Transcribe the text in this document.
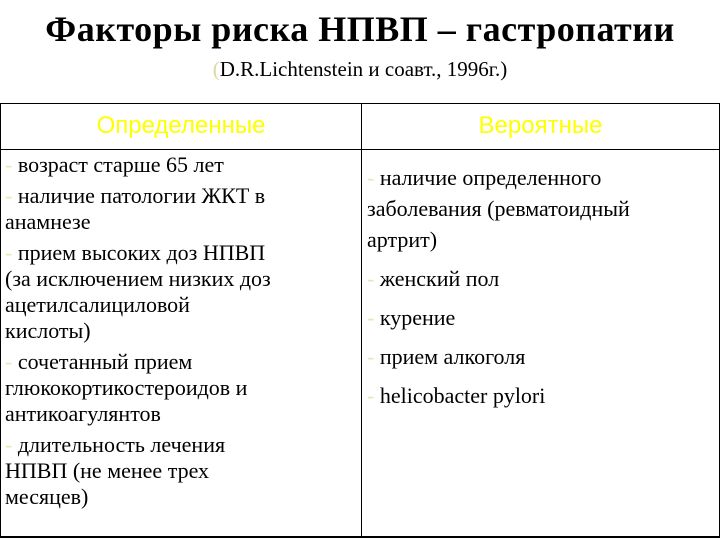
Факторы риска НПВП – гастропатии
(D.R.Lichtenstein и соавт., 1996г.)
Определенные	Вероятные
- возраст старше 65 лет
- наличие патологии ЖКТ в
анамнезе
- прием высоких доз НПВП
(за исключением низких доз
ацетилсалициловой
кислоты)
- сочетанный прием
глюкокортикостероидов и
антикоагулянтов
- длительность лечения
НПВП (не менее трех
месяцев)
- наличие определенного
заболевания (ревматоидный
артрит)
- женский пол
- курение
- прием алкоголя
- helicobacter pylori
